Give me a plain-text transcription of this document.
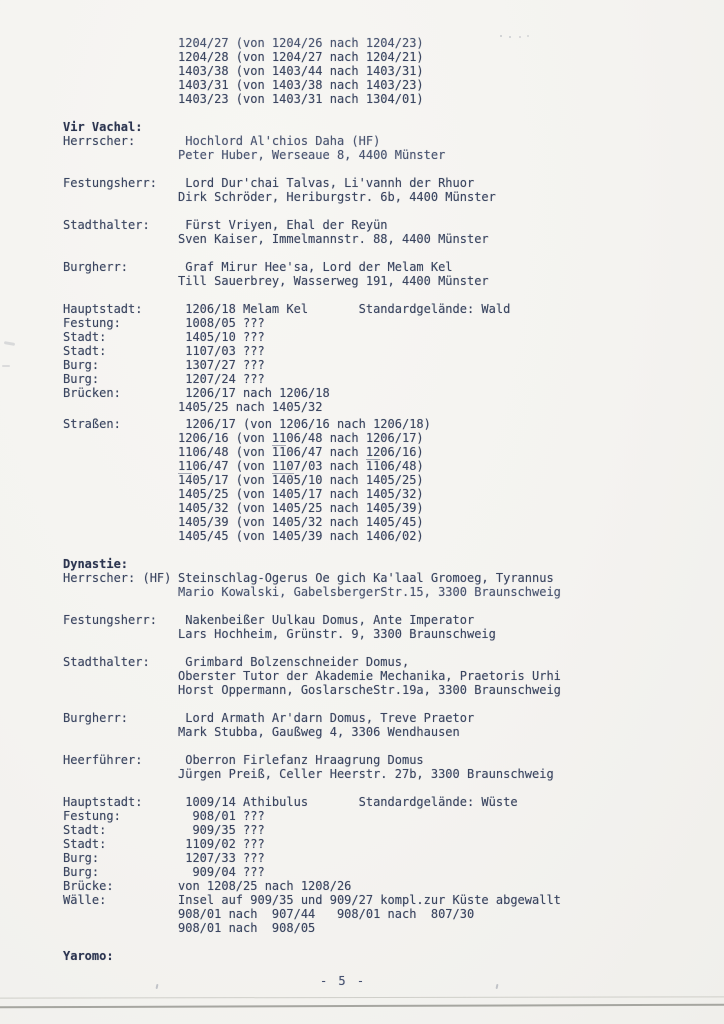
1204/27 (von 1204/26 nach 1204/23)
1204/28 (von 1204/27 nach 1204/21)
1403/38 (von 1403/44 nach 1403/31)
1403/31 (von 1403/38 nach 1403/23)
1403/23 (von 1403/31 nach 1304/01)
Vir Vachal:
Herrscher:	Hochlord Al'chios Daha (HF)
Peter Huber, Werseaue 8, 4400 Münster
Festungsherr:	Lord Dur'chai Talvas, Li'vannh der Rhuor
Dirk Schröder, Heriburgstr. 6b, 4400 Münster
Stadthalter:	Fürst Vriyen, Ehal der Reyün
Sven Kaiser, Immelmannstr. 88, 4400 Münster
Burgherr:	Graf Mirur Hee'sa, Lord der Melam Kel
Till Sauerbrey, Wasserweg 191, 4400 Münster
Hauptstadt:	1206/18 Melam Kel       Standardgelände: Wald
Festung:	1008/05 ???
Stadt:	1405/10 ???
Stadt:	1107/03 ???
Burg:	1307/27 ???
Burg:	1207/24 ???
Brücken:	1206/17 nach 1206/18
1405/25 nach 1405/32
Straßen:	1206/17 (von 1206/16 nach 1206/18)
1206/16 (von 1106/48 nach 1206/17)
1106/48 (von 1106/47 nach 1206/16)
1106/47 (von 1107/03 nach 1106/48)
1405/17 (von 1405/10 nach 1405/25)
1405/25 (von 1405/17 nach 1405/32)
1405/32 (von 1405/25 nach 1405/39)
1405/39 (von 1405/32 nach 1405/45)
1405/45 (von 1405/39 nach 1406/02)
Dynastie:
Herrscher: (HF) Steinschlag-Ogerus Oe gich Ka'laal Gromoeg, Tyrannus
Mario Kowalski, GabelsbergerStr.15, 3300 Braunschweig
Festungsherr:	Nakenbeißer Uulkau Domus, Ante Imperator
Lars Hochheim, Grünstr. 9, 3300 Braunschweig
Stadthalter:	Grimbard Bolzenschneider Domus,
Oberster Tutor der Akademie Mechanika, Praetoris Urhi
Horst Oppermann, GoslarscheStr.19a, 3300 Braunschweig
Burgherr:	Lord Armath Ar'darn Domus, Treve Praetor
Mark Stubba, Gaußweg 4, 3306 Wendhausen
Heerführer:	Oberron Firlefanz Hraagrung Domus
Jürgen Preiß, Celler Heerstr. 27b, 3300 Braunschweig
Hauptstadt:	1009/14 Athibulus       Standardgelände: Wüste
Festung:	908/01 ???
Stadt:	909/35 ???
Stadt:	1109/02 ???
Burg:	1207/33 ???
Burg:	909/04 ???
Brücke:	von 1208/25 nach 1208/26
Wälle:	Insel auf 909/35 und 909/27 kompl.zur Küste abgewallt
908/01 nach  907/44   908/01 nach  807/30
908/01 nach  908/05
Yaromo:
- 5 -
